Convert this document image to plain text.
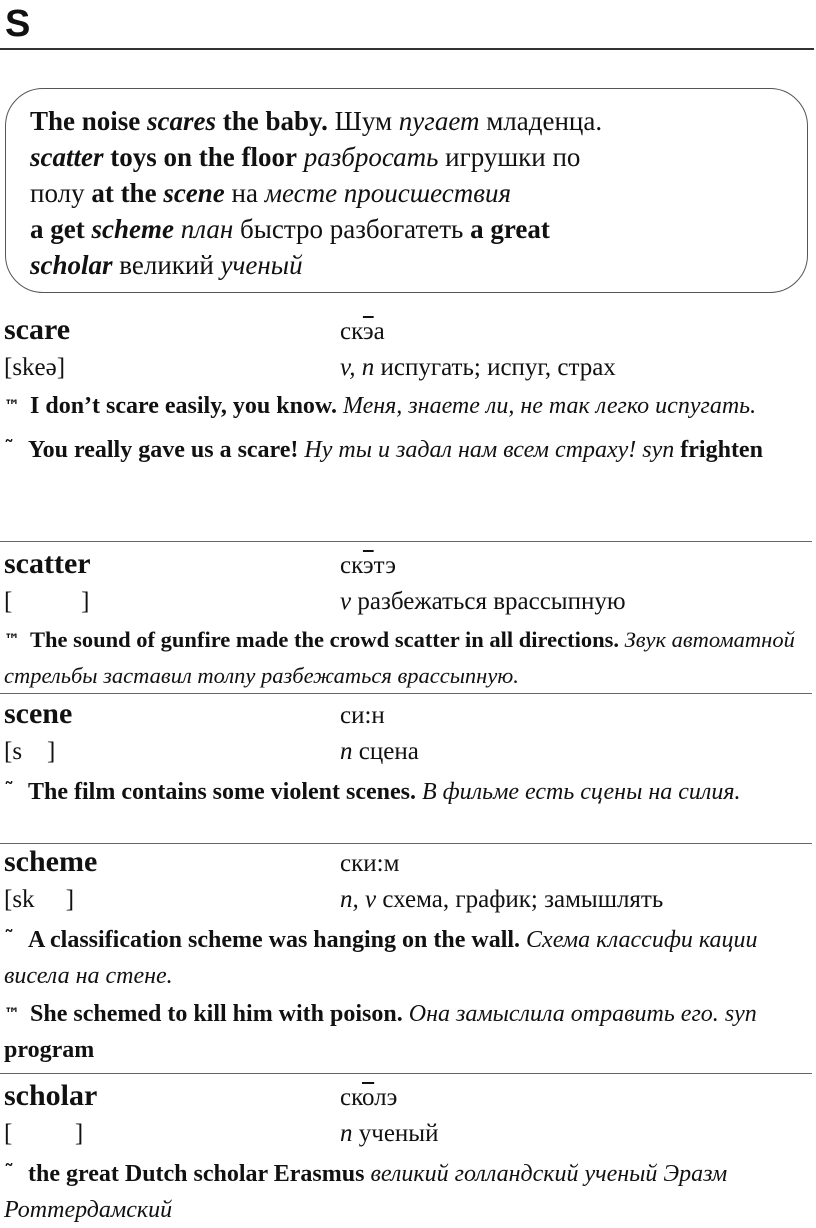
S

The noise scares the baby. Шум пугает младенца.

scatter toys on the floor разбросать игрушки по

полу at the scene на месте происшествия

a get scheme план быстро разбогатеть a great

scholar великий ученый

scare	скэа
[skeə]	v, n испугать; испуг, страх

™ I don’t scare easily, you know. Меня, знаете ли, не так легко испугать.

˜ You really gave us a scare! Ну ты и задал нам всем страху! syn frighten

scatter	скэтэ
[           ]	v разбежаться врассыпную

™ The sound of gunfire made the crowd scatter in all directions. Звук автоматной стрельбы заставил толпу разбежаться врассыпную.

scene	си:н
[s    ]	n сцена

˜ The film contains some violent scenes. В фильме есть сцены на силия.

scheme	ски:м
[sk     ]	n, v схема, график; замышлять

˜ A classification scheme was hanging on the wall. Схема классифи кации висела на стене.

™ She schemed to kill him with poison. Она замыслила отравить его. syn program

scholar	сколэ
[          ]	n ученый

˜ the great Dutch scholar Erasmus великий голландский ученый Эразм Роттердамский
